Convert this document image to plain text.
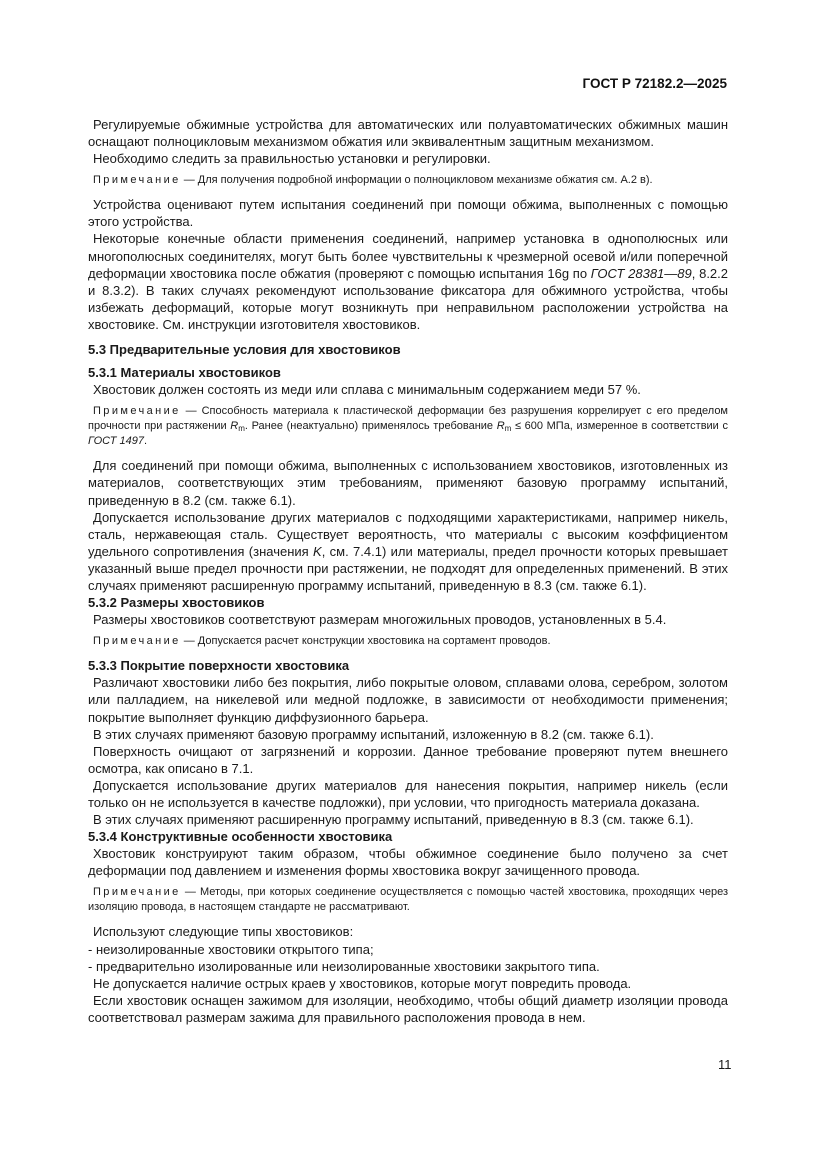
ГОСТ Р 72182.2—2025

Регулируемые обжимные устройства для автоматических или полуавтоматических обжимных машин оснащают полноцикловым механизмом обжатия или эквивалентным защитным механизмом.

Необходимо следить за правильностью установки и регулировки.

Примечание — Для получения подробной информации о полноцикловом механизме обжатия см. А.2 в).

Устройства оценивают путем испытания соединений при помощи обжима, выполненных с помощью этого устройства.

Некоторые конечные области применения соединений, например установка в однополюсных или многополюсных соединителях, могут быть более чувствительны к чрезмерной осевой и/или поперечной деформации хвостовика после обжатия (проверяют с помощью испытания 16g по ГОСТ 28381—89, 8.2.2 и 8.3.2). В таких случаях рекомендуют использование фиксатора для обжимного устройства, чтобы избежать деформаций, которые могут возникнуть при неправильном расположении устройства на хвостовике. См. инструкции изготовителя хвостовиков.

5.3 Предварительные условия для хвостовиков

5.3.1 Материалы хвостовиков

Хвостовик должен состоять из меди или сплава с минимальным содержанием меди 57 %.

Примечание — Способность материала к пластической деформации без разрушения коррелирует с его пределом прочности при растяжении $R_m$. Ранее (неактуально) применялось требование $R_m \le 600$ МПа, измеренное в соответствии с ГОСТ 1497.

Для соединений при помощи обжима, выполненных с использованием хвостовиков, изготовленных из материалов, соответствующих этим требованиям, применяют базовую программу испытаний, приведенную в 8.2 (см. также 6.1).

Допускается использование других материалов с подходящими характеристиками, например никель, сталь, нержавеющая сталь. Существует вероятность, что материалы с высоким коэффициентом удельного сопротивления (значения K, см. 7.4.1) или материалы, предел прочности которых превышает указанный выше предел прочности при растяжении, не подходят для определенных применений. В этих случаях применяют расширенную программу испытаний, приведенную в 8.3 (см. также 6.1).

5.3.2 Размеры хвостовиков

Размеры хвостовиков соответствуют размерам многожильных проводов, установленных в 5.4.

Примечание — Допускается расчет конструкции хвостовика на сортамент проводов.

5.3.3 Покрытие поверхности хвостовика

Различают хвостовики либо без покрытия, либо покрытые оловом, сплавами олова, серебром, золотом или палладием, на никелевой или медной подложке, в зависимости от необходимости применения; покрытие выполняет функцию диффузионного барьера.

В этих случаях применяют базовую программу испытаний, изложенную в 8.2 (см. также 6.1).

Поверхность очищают от загрязнений и коррозии. Данное требование проверяют путем внешнего осмотра, как описано в 7.1.

Допускается использование других материалов для нанесения покрытия, например никель (если только он не используется в качестве подложки), при условии, что пригодность материала доказана.

В этих случаях применяют расширенную программу испытаний, приведенную в 8.3 (см. также 6.1).

5.3.4 Конструктивные особенности хвостовика

Хвостовик конструируют таким образом, чтобы обжимное соединение было получено за счет деформации под давлением и изменения формы хвостовика вокруг зачищенного провода.

Примечание — Методы, при которых соединение осуществляется с помощью частей хвостовика, проходящих через изоляцию провода, в настоящем стандарте не рассматривают.

Используют следующие типы хвостовиков:

- неизолированные хвостовики открытого типа;

- предварительно изолированные или неизолированные хвостовики закрытого типа.

Не допускается наличие острых краев у хвостовиков, которые могут повредить провода.

Если хвостовик оснащен зажимом для изоляции, необходимо, чтобы общий диаметр изоляции провода соответствовал размерам зажима для правильного расположения провода в нем.

11
